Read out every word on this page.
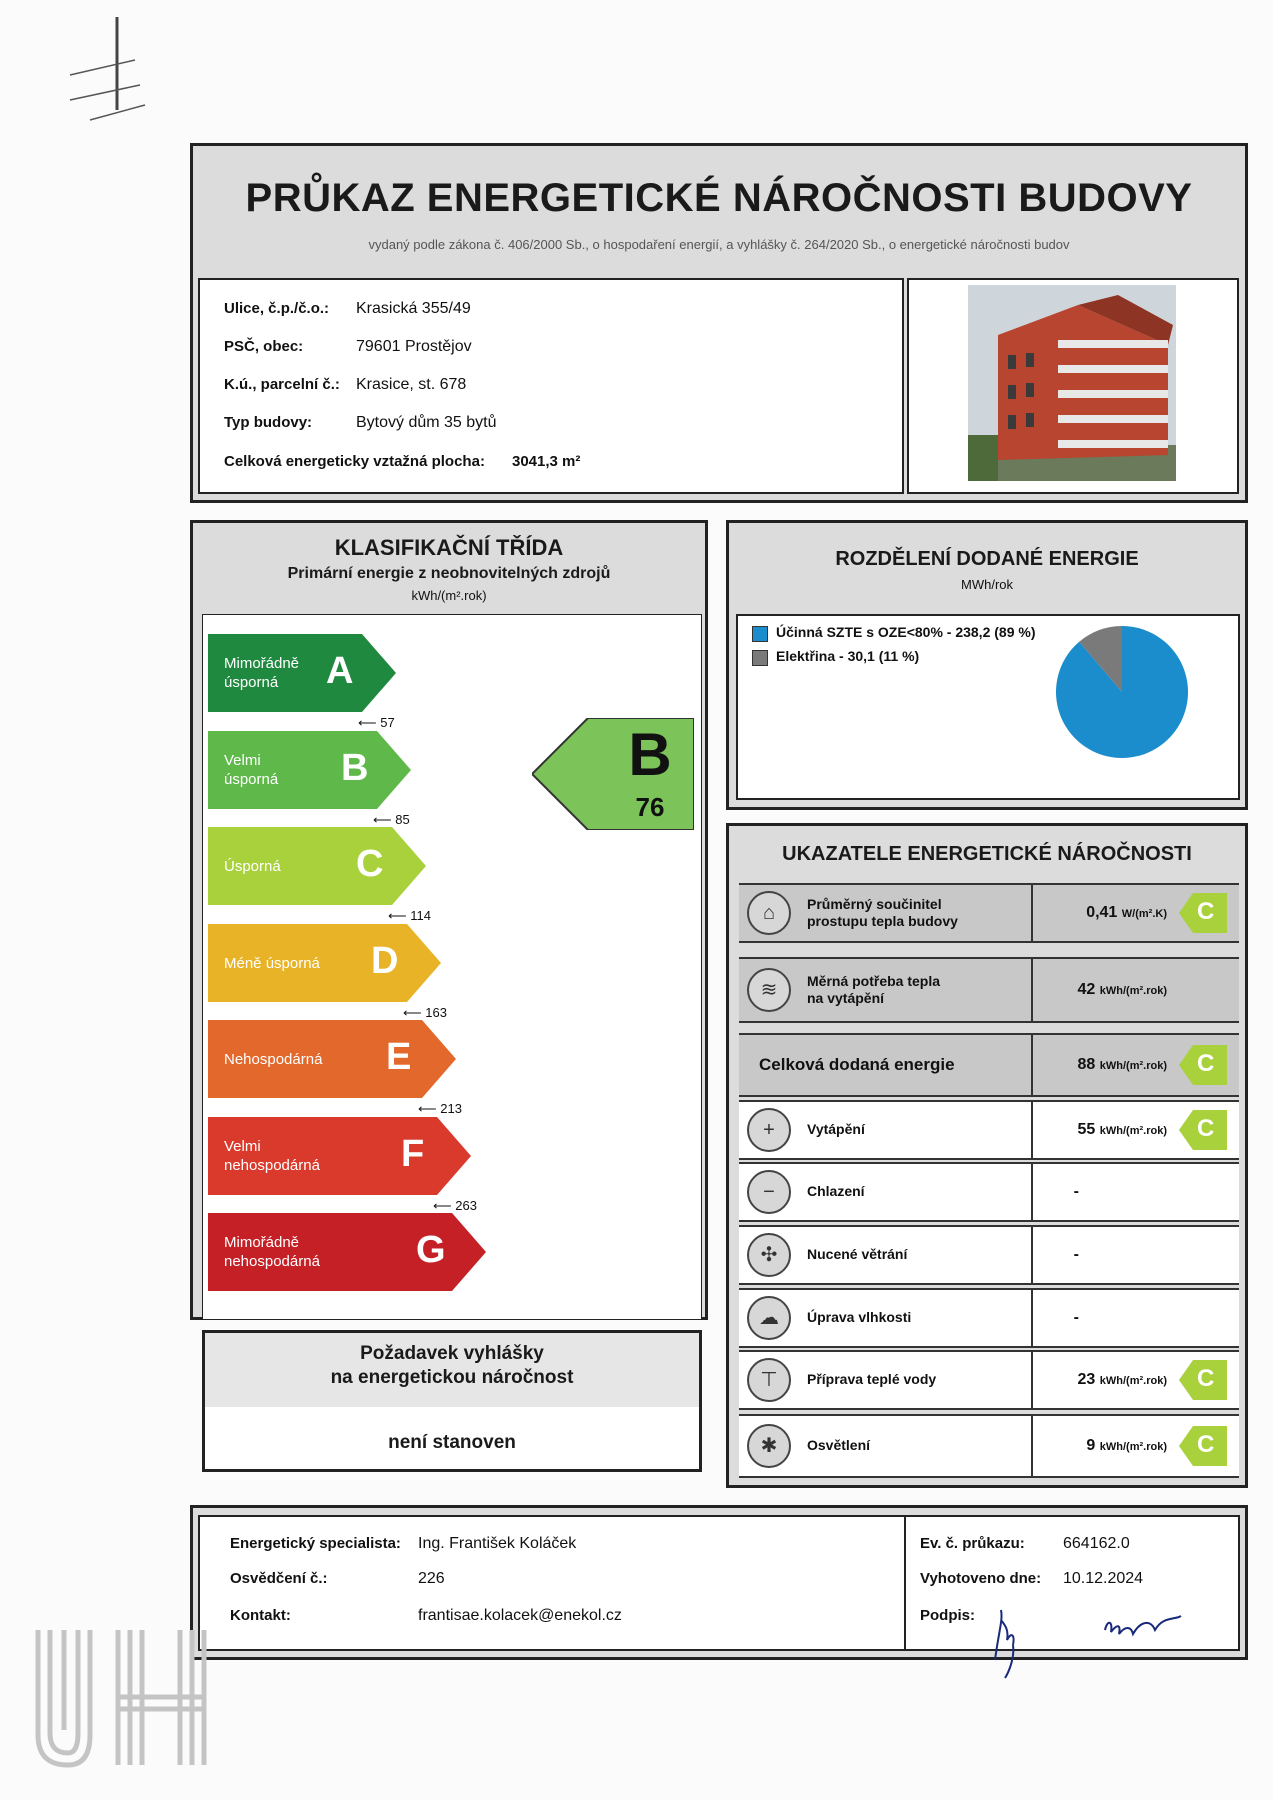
PRŮKAZ ENERGETICKÉ NÁROČNOSTI BUDOVY
vydaný podle zákona č. 406/2000 Sb., o hospodaření energií, a vyhlášky č. 264/2020 Sb., o energetické náročnosti budov
Ulice, č.p./č.o.: Krasická 355/49
PSČ, obec:	79601 Prostějov
K.ú., parcelní č.: Krasice, st. 678
Typ budovy:	Bytový dům 35 bytů
Celková energeticky vztažná plocha: 3041,3 m²
KLASIFIKAČNÍ TŘÍDA
Primární energie z neobnovitelných zdrojů
kWh/(m².rok)
Mimořádně
úsporná	A
⟵ 57
Velmi
úsporná B
⟵ 85
Úsporná C
⟵ 114
Méně úsporná D
⟵ 163
Nehospodárná E
⟵ 213
Velmi
nehospodárná F
⟵ 263
Mimořádně
nehospodárná	G
B
76
Požadavek vyhlášky
na energetickou náročnost
není stanoven
ROZDĚLENÍ DODANÉ ENERGIE
MWh/rok
Účinná SZTE s OZE<80% - 238,2 (89 %)
Elektřina - 30,1 (11 %)
UKAZATELE ENERGETICKÉ NÁROČNOSTI
⌂	Průměrný součinitel
prostupu tepla budovy	0,41 W/(m².K) C
≋	Měrná potřeba tepla
na vytápění	42 kWh/(m².rok)
Celková dodaná energie	88 kWh/(m².rok) C
+	Vytápění	55 kWh/(m².rok) C
−	Chlazení	-
✣	Nucené větrání	-
☁	Úprava vlhkosti	-
⊤	Příprava teplé vody	23 kWh/(m².rok) C
✱	Osvětlení	9 kWh/(m².rok) C
Energetický specialista: Ing. František Koláček
Osvědčení č.:	226
Kontakt:	frantisae.kolacek@enekol.cz
Ev. č. průkazu: 664162.0
Vyhotoveno dne: 10.12.2024
Podpis:
